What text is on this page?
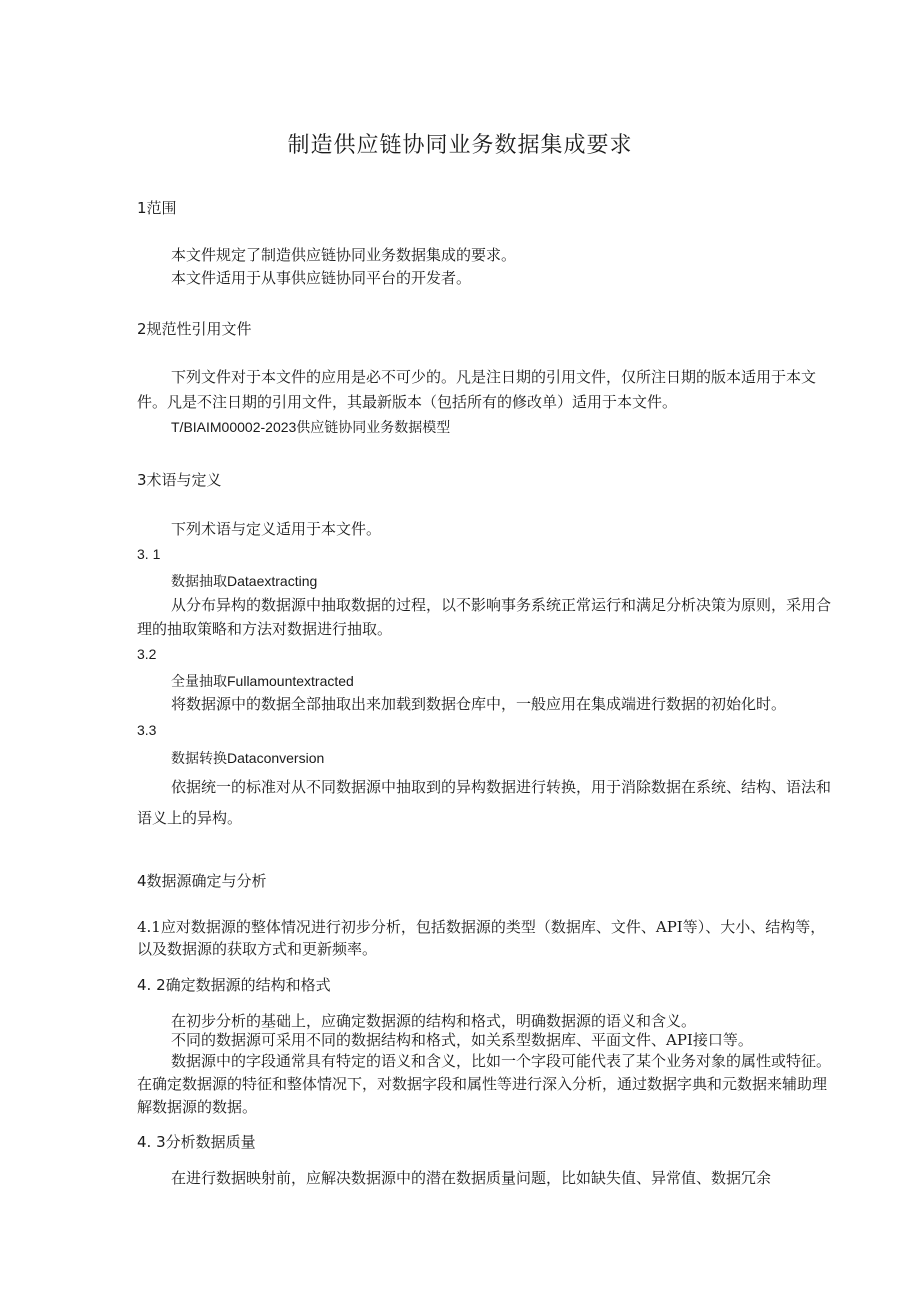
制造供应链协同业务数据集成要求
1范围
本文件规定了制造供应链协同业务数据集成的要求。
本文件适用于从事供应链协同平台的开发者。
2规范性引用文件
下列文件对于本文件的应用是必不可少的。凡是注日期的引用文件，仅所注日期的版本适用于本文
件。凡是不注日期的引用文件，其最新版本（包括所有的修改单）适用于本文件。
T/BIAIM00002-2023供应链协同业务数据模型
3术语与定义
下列术语与定义适用于本文件。
3. 1
数据抽取Dataextracting
从分布异构的数据源中抽取数据的过程，以不影响事务系统正常运行和满足分析决策为原则，采用合
理的抽取策略和方法对数据进行抽取。
3.2
全量抽取Fullamountextracted
将数据源中的数据全部抽取出来加载到数据仓库中，一般应用在集成端进行数据的初始化时。
3.3
数据转换Dataconversion
依据统一的标准对从不同数据源中抽取到的异构数据进行转换，用于消除数据在系统、结构、语法和
语义上的异构。
4数据源确定与分析
4.1应对数据源的整体情况进行初步分析，包括数据源的类型（数据库、文件、API等）、大小、结构等，
以及数据源的获取方式和更新频率。
4. 2确定数据源的结构和格式
在初步分析的基础上，应确定数据源的结构和格式，明确数据源的语义和含义。
不同的数据源可采用不同的数据结构和格式，如关系型数据库、平面文件、API接口等。
数据源中的字段通常具有特定的语义和含义，比如一个字段可能代表了某个业务对象的属性或特征。
在确定数据源的特征和整体情况下，对数据字段和属性等进行深入分析，通过数据字典和元数据来辅助理
解数据源的数据。
4. 3分析数据质量
在进行数据映射前，应解决数据源中的潜在数据质量问题，比如缺失值、异常值、数据冗余
